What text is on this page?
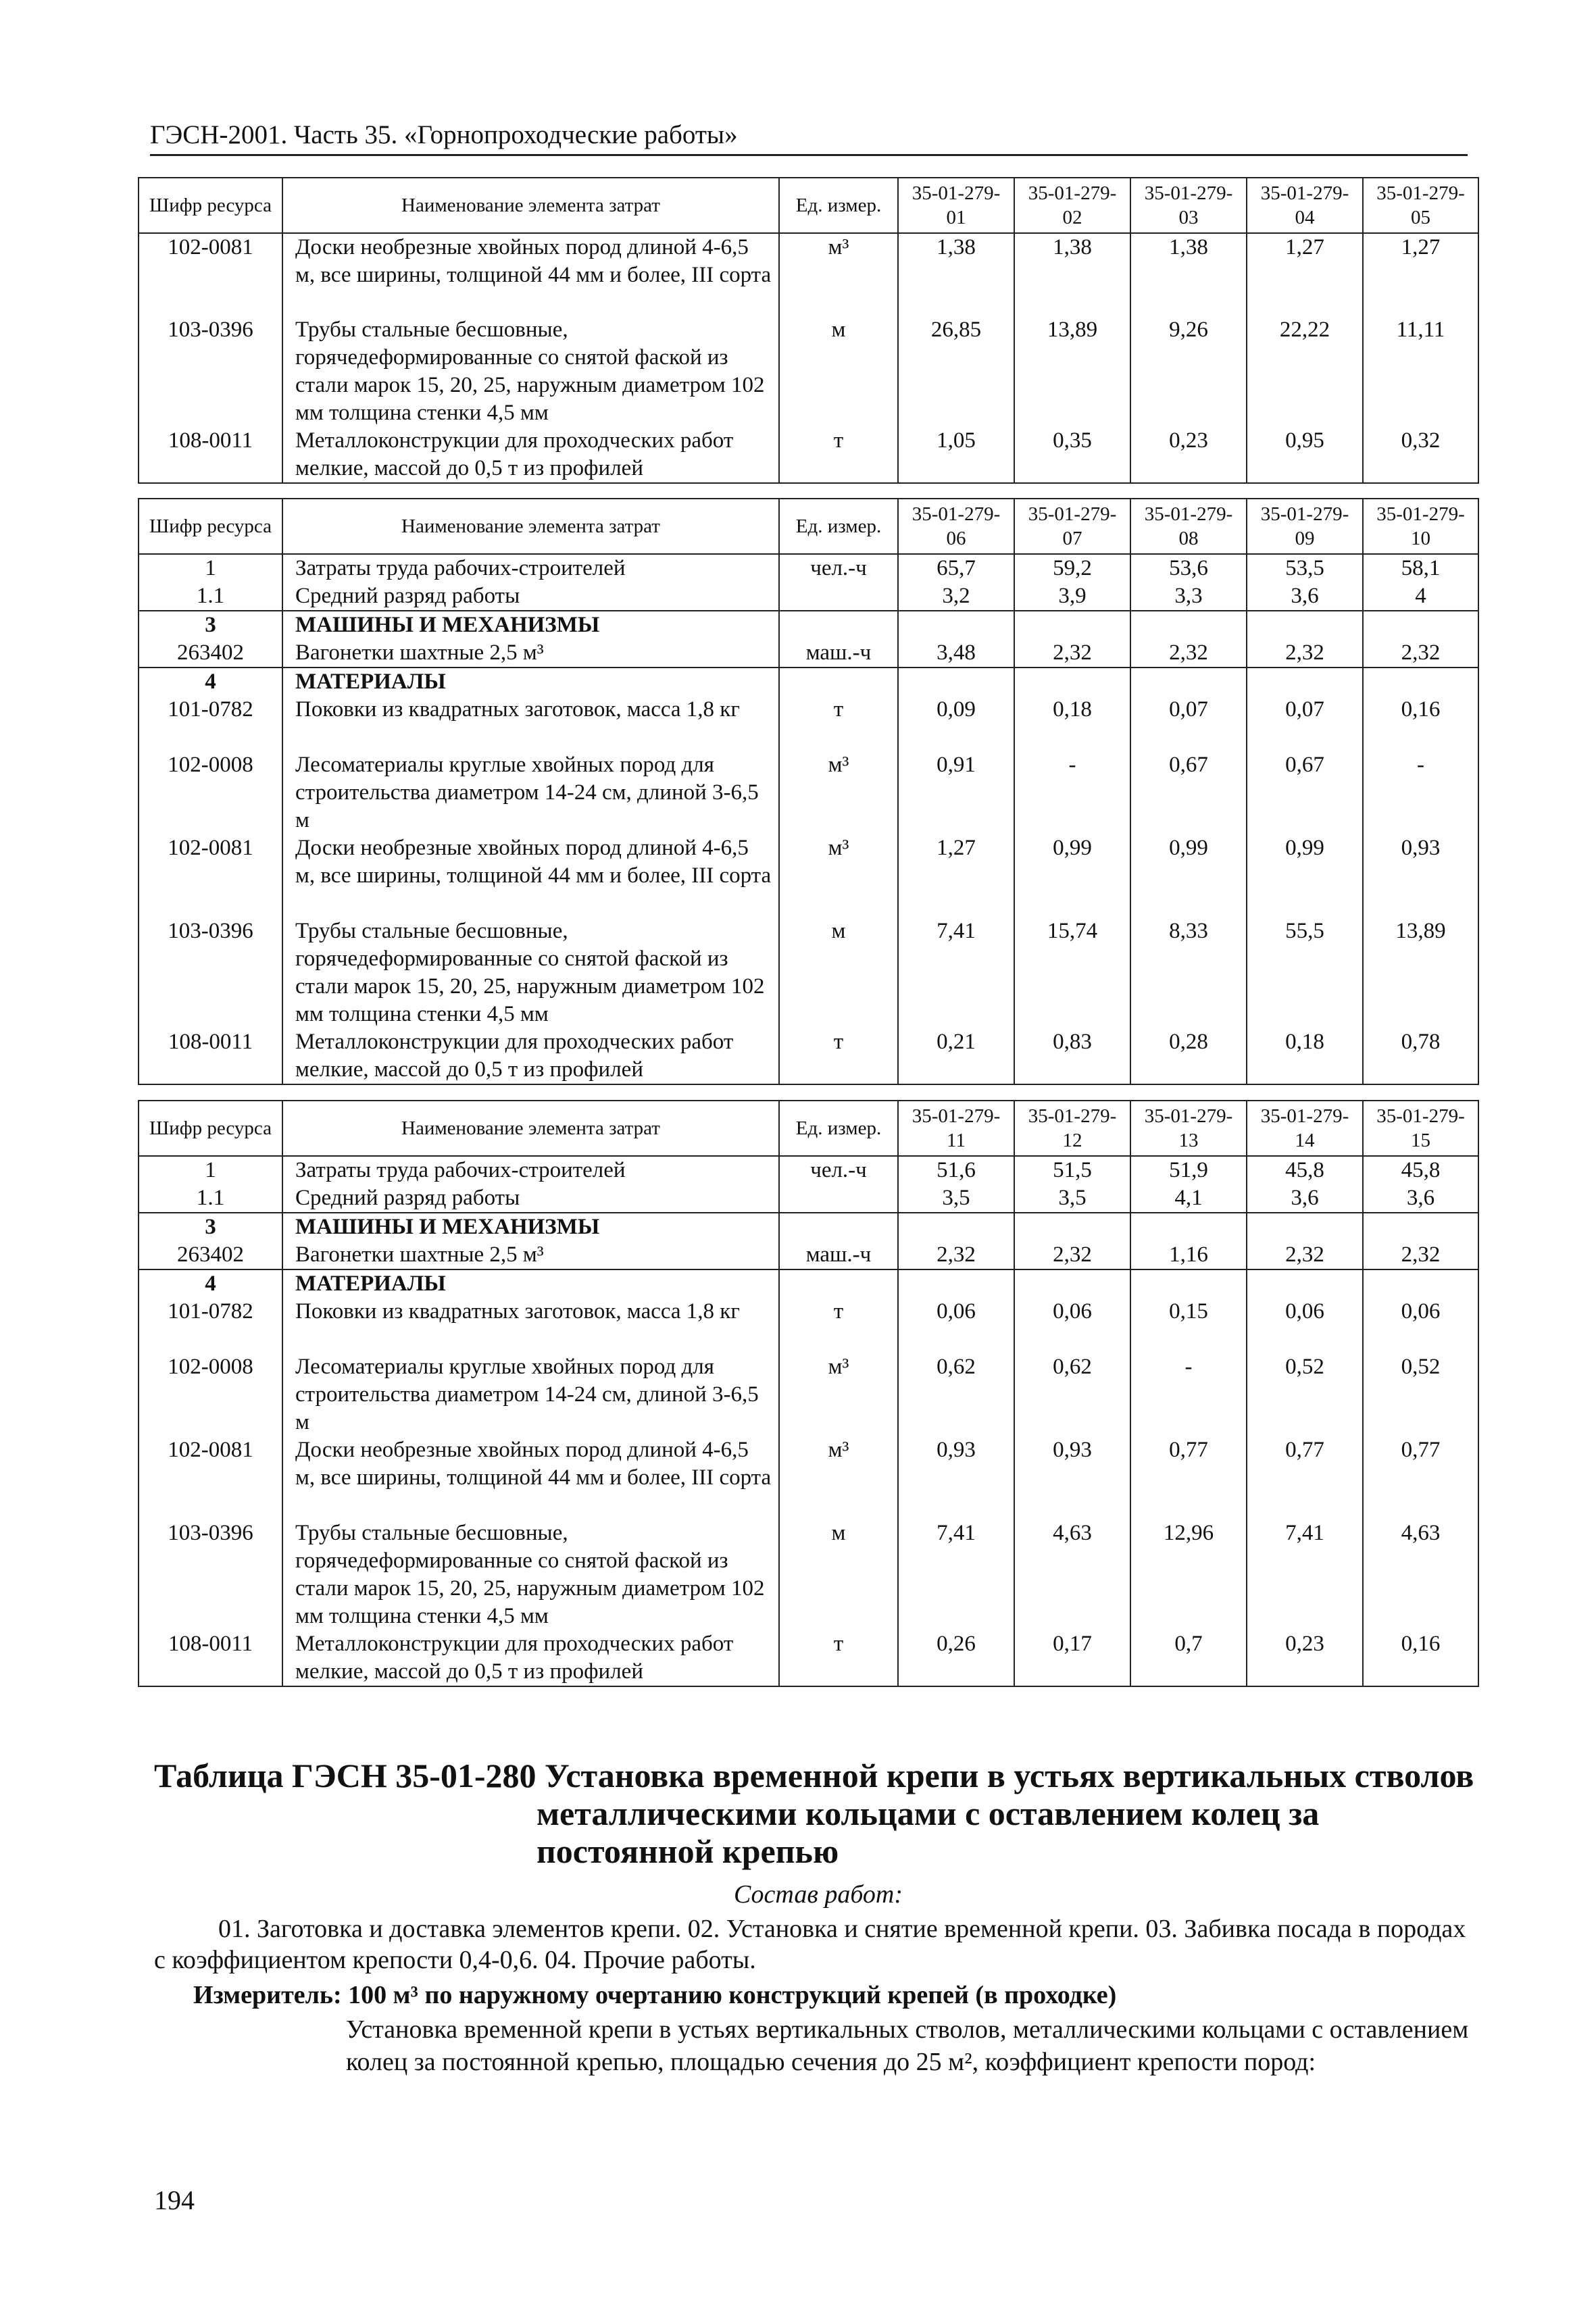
ГЭСН-2001. Часть 35. «Горнопроходческие работы»
Шифр ресурса	Наименование элемента затрат	Ед. измер.	35-01-279-01	35-01-279-02	35-01-279-03	35-01-279-04	35-01-279-05
102-0081	Доски необрезные хвойных пород длиной 4-6,5 м, все ширины, толщиной 44 мм и более, III сорта	м³	1,38	1,38	1,38	1,27	1,27
103-0396	Трубы стальные бесшовные, горячедеформированные со снятой фаской из стали марок 15, 20, 25, наружным диаметром 102 мм толщина стенки 4,5 мм	м	26,85	13,89	9,26	22,22	11,11
108-0011	Металлоконструкции для проходческих работ мелкие, массой до 0,5 т из профилей	т	1,05	0,35	0,23	0,95	0,32
Шифр ресурса	Наименование элемента затрат	Ед. измер.	35-01-279-06	35-01-279-07	35-01-279-08	35-01-279-09	35-01-279-10
1	Затраты труда рабочих-строителей	чел.-ч	65,7	59,2	53,6	53,5	58,1
1.1	Средний разряд работы		3,2	3,9	3,3	3,6	4
3	МАШИНЫ И МЕХАНИЗМЫ						
263402	Вагонетки шахтные 2,5 м³	маш.-ч	3,48	2,32	2,32	2,32	2,32
4	МАТЕРИАЛЫ						
101-0782	Поковки из квадратных заготовок, масса 1,8 кг	т	0,09	0,18	0,07	0,07	0,16
102-0008	Лесоматериалы круглые хвойных пород для строительства диаметром 14-24 см, длиной 3-6,5 м	м³	0,91	-	0,67	0,67	-
102-0081	Доски необрезные хвойных пород длиной 4-6,5 м, все ширины, толщиной 44 мм и более, III сорта	м³	1,27	0,99	0,99	0,99	0,93
103-0396	Трубы стальные бесшовные, горячедеформированные со снятой фаской из стали марок 15, 20, 25, наружным диаметром 102 мм толщина стенки 4,5 мм	м	7,41	15,74	8,33	55,5	13,89
108-0011	Металлоконструкции для проходческих работ мелкие, массой до 0,5 т из профилей	т	0,21	0,83	0,28	0,18	0,78
Шифр ресурса	Наименование элемента затрат	Ед. измер.	35-01-279-11	35-01-279-12	35-01-279-13	35-01-279-14	35-01-279-15
1	Затраты труда рабочих-строителей	чел.-ч	51,6	51,5	51,9	45,8	45,8
1.1	Средний разряд работы		3,5	3,5	4,1	3,6	3,6
3	МАШИНЫ И МЕХАНИЗМЫ						
263402	Вагонетки шахтные 2,5 м³	маш.-ч	2,32	2,32	1,16	2,32	2,32
4	МАТЕРИАЛЫ						
101-0782	Поковки из квадратных заготовок, масса 1,8 кг	т	0,06	0,06	0,15	0,06	0,06
102-0008	Лесоматериалы круглые хвойных пород для строительства диаметром 14-24 см, длиной 3-6,5 м	м³	0,62	0,62	-	0,52	0,52
102-0081	Доски необрезные хвойных пород длиной 4-6,5 м, все ширины, толщиной 44 мм и более, III сорта	м³	0,93	0,93	0,77	0,77	0,77
103-0396	Трубы стальные бесшовные, горячедеформированные со снятой фаской из стали марок 15, 20, 25, наружным диаметром 102 мм толщина стенки 4,5 мм	м	7,41	4,63	12,96	7,41	4,63
108-0011	Металлоконструкции для проходческих работ мелкие, массой до 0,5 т из профилей	т	0,26	0,17	0,7	0,23	0,16
Таблица ГЭСН 35-01-280 Установка временной крепи в устьях вертикальных стволов
металлическими кольцами с оставлением колец за
постоянной крепью
Состав работ:
01. Заготовка и доставка элементов крепи. 02. Установка и снятие временной крепи. 03. Забивка посада в породах с коэффициентом крепости 0,4-0,6. 04. Прочие работы.
Измеритель: 100 м³ по наружному очертанию конструкций крепей (в проходке)
Установка временной крепи в устьях вертикальных стволов, металлическими кольцами с оставлением колец за постоянной крепью, площадью сечения до 25 м², коэффициент крепости пород:
194
